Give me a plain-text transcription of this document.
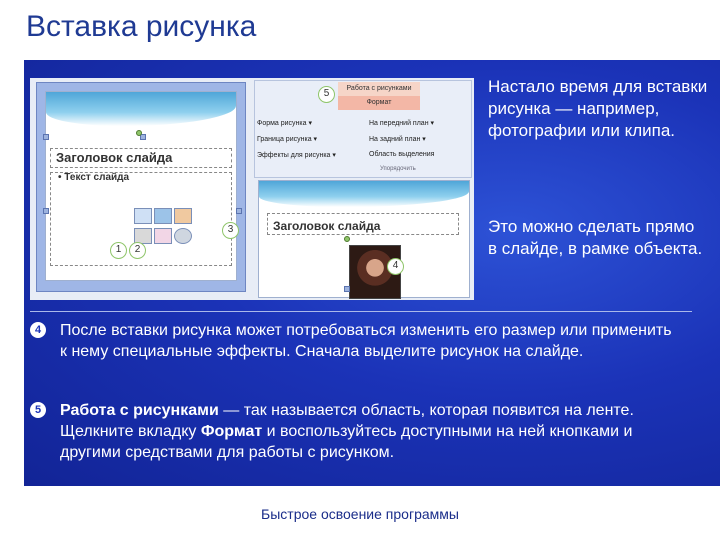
Вставка рисунка
Заголовок слайда
• Текст слайда
Форма рисунка ▾
Граница рисунка ▾
Эффекты для рисунка ▾
На передний план ▾
На задний план ▾
Область выделения
Работа с рисунками
Формат
Упорядочить
Заголовок слайда
1	2
3
4
5	Настало время для вставки рисунка — например, фотографии или клипа.
Это можно сделать прямо в слайде, в рамке объекта.
4	После вставки рисунка может потребоваться изменить его размер или применить к нему специальные эффекты. Сначала выделите рисунок на слайде.
5	Работа с рисунками — так называется область, которая появится на ленте. Щелкните вкладку Формат и воспользуйтесь доступными на ней кнопками и другими средствами для работы с рисунком.
Быстрое освоение программы
